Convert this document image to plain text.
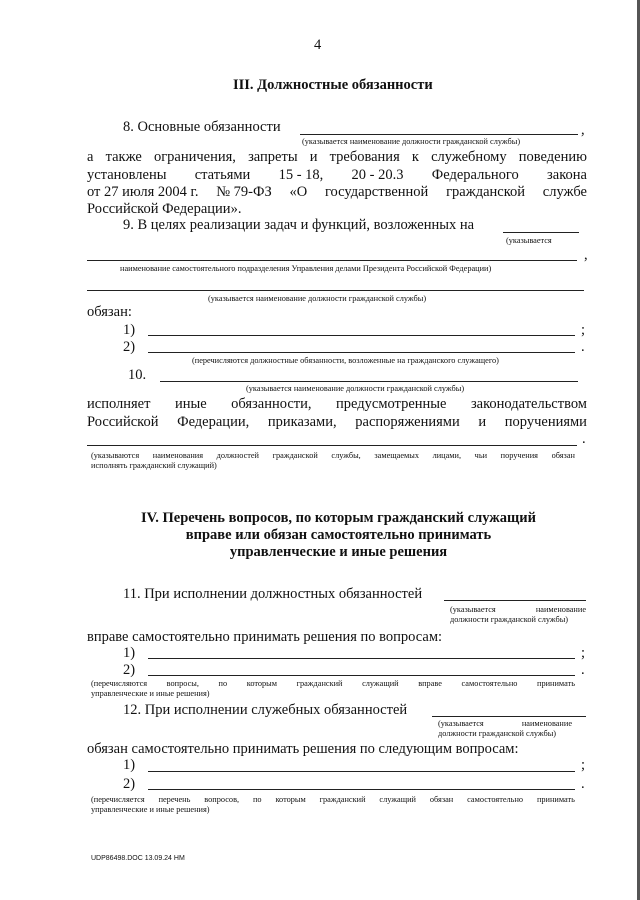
4
III. Должностные обязанности
8. Основные обязанности	,
(указывается наименование должности гражданской службы)
а также ограничения, запреты и требования к служебному поведению
установлены статьями 15 - 18, 20 - 20.3 Федерального закона
от 27 июля 2004 г. № 79-ФЗ «О государственной гражданской службе
Российской Федерации».
9. В целях реализации задач и функций, возложенных на
(указывается
,
наименование самостоятельного подразделения Управления делами Президента Российской Федерации)
(указывается наименование должности гражданской службы)
обязан:
1)	;
2)	.
(перечисляются должностные обязанности, возложенные на гражданского служащего)
10.
(указывается наименование должности гражданской службы)
исполняет иные обязанности, предусмотренные законодательством
Российской Федерации, приказами, распоряжениями и поручениями
.
(указываются наименования должностей гражданской службы, замещаемых лицами, чьи поручения обязан
исполнять гражданский служащий)
IV. Перечень вопросов, по которым гражданский служащий
вправе или обязан самостоятельно принимать
управленческие и иные решения
11. При исполнении должностных обязанностей
(указывается	наименование
должности гражданской службы)
вправе самостоятельно принимать решения по вопросам:
1)	;
2)	.
(перечисляются вопросы, по которым гражданский служащий вправе самостоятельно принимать
управленческие и иные решения)
12. При исполнении служебных обязанностей
(указывается	наименование
должности гражданской службы)
обязан самостоятельно принимать решения по следующим вопросам:
1)	;
2)	.
(перечисляется перечень вопросов, по которым гражданский служащий обязан самостоятельно принимать
управленческие и иные решения)
UDP86498.DOC 13.09.24 НМ
